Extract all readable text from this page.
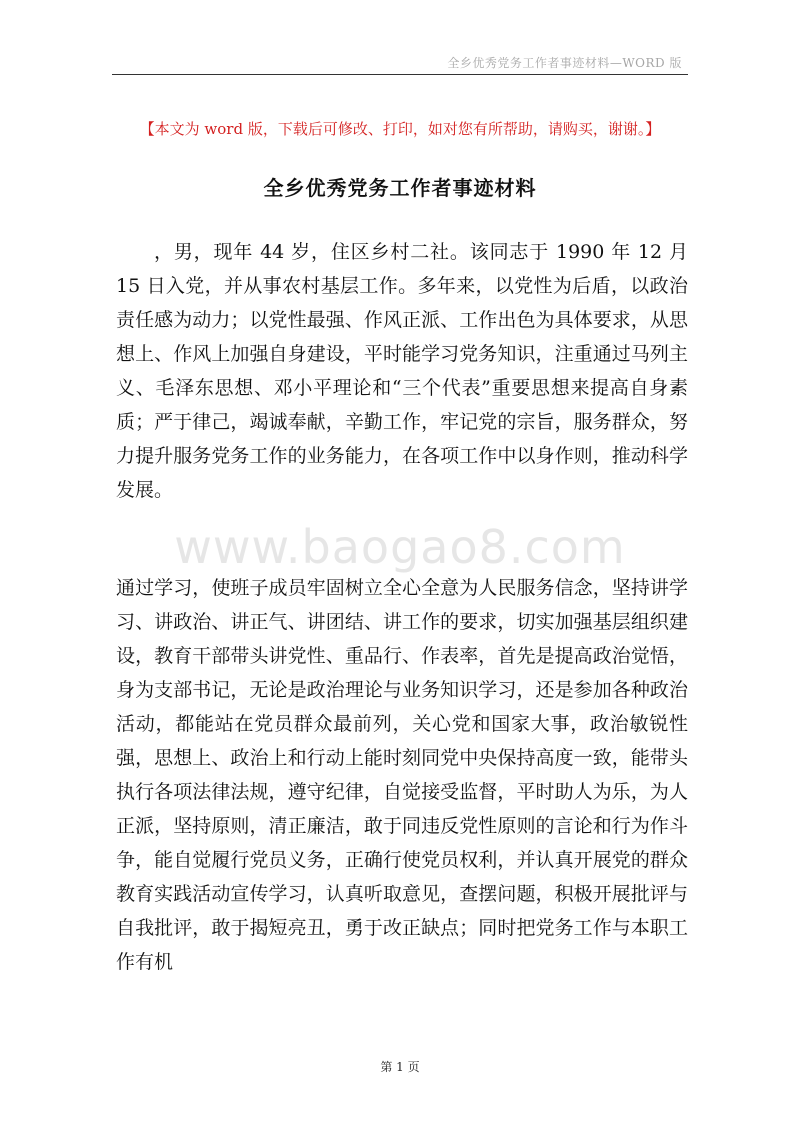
全乡优秀党务工作者事迹材料—WORD 版
【本文为 word 版，下载后可修改、打印，如对您有所帮助，请购买，谢谢。】
全乡优秀党务工作者事迹材料

，男，现年 44 岁，住区乡村二社。该同志于 1990 年 12 月 15 日入党，并从事农村基层工作。多年来，以党性为后盾，以政治责任感为动力；以党性最强、作风正派、工作出色为具体要求，从思想上、作风上加强自身建设，平时能学习党务知识，注重通过马列主义、毛泽东思想、邓小平理论和“三个代表”重要思想来提高自身素质；严于律己，竭诚奉献，辛勤工作，牢记党的宗旨，服务群众，努力提升服务党务工作的业务能力，在各项工作中以身作则，推动科学发展。

www.baogao8.com

通过学习，使班子成员牢固树立全心全意为人民服务信念，坚持讲学习、讲政治、讲正气、讲团结、讲工作的要求，切实加强基层组织建设，教育干部带头讲党性、重品行、作表率，首先是提高政治觉悟，身为支部书记，无论是政治理论与业务知识学习，还是参加各种政治活动，都能站在党员群众最前列，关心党和国家大事，政治敏锐性强，思想上、政治上和行动上能时刻同党中央保持高度一致，能带头执行各项法律法规，遵守纪律，自觉接受监督，平时助人为乐，为人正派，坚持原则，清正廉洁，敢于同违反党性原则的言论和行为作斗争，能自觉履行党员义务，正确行使党员权利，并认真开展党的群众教育实践活动宣传学习，认真听取意见，查摆问题，积极开展批评与自我批评，敢于揭短亮丑，勇于改正缺点；同时把党务工作与本职工作有机

第 1 页
